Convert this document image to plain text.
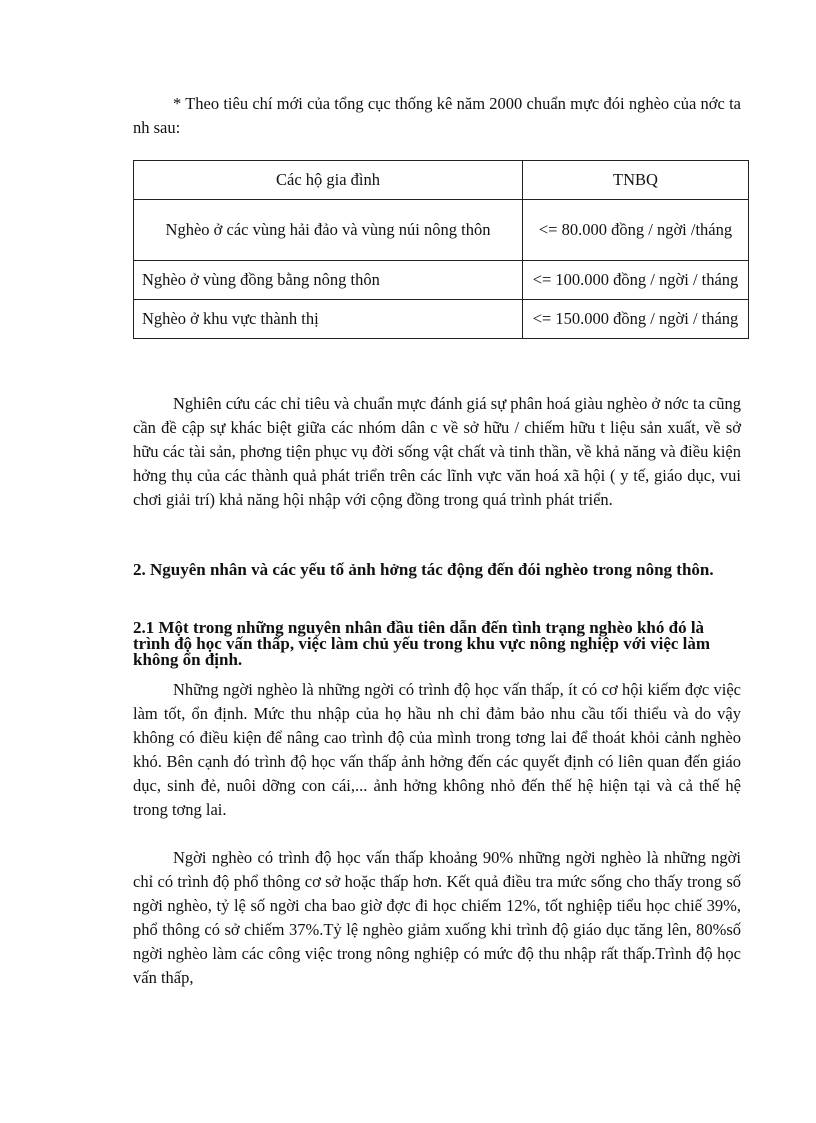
* Theo tiêu chí mới của tổng cục thống kê năm 2000 chuẩn mực đói nghèo của nớc ta nh sau:

Các hộ gia đình	TNBQ
Nghèo ở các vùng hải đảo và vùng núi nông thôn	<= 80.000 đồng / ngời /tháng
Nghèo ở vùng đồng bằng nông thôn	<= 100.000 đồng / ngời / tháng
Nghèo ở khu vực thành thị	<= 150.000 đồng / ngời / tháng

Nghiên cứu các chỉ tiêu và chuẩn mực đánh giá sự phân hoá giàu nghèo ở nớc ta cũng cần đề cập sự khác biệt giữa các nhóm dân c về sở hữu / chiếm hữu t liệu sản xuất, về sở hữu các tài sản, phơng tiện phục vụ đời sống vật chất và tinh thần, về khả năng và điều kiện hởng thụ của các thành quả phát triển trên các lĩnh vực văn hoá xã hội ( y tế, giáo dục, vui chơi giải trí) khả năng hội nhập với cộng đồng trong quá trình phát triển.

2. Nguyên nhân và các yếu tố ảnh hởng tác động đến đói nghèo trong nông thôn.
2.1 Một trong những nguyên nhân đầu tiên dẫn đến tình trạng nghèo khó đó là trình độ học vấn thấp, việc làm chủ yếu trong khu vực nông nghiệp với việc làm không ổn định.

Những ngời nghèo là những ngời có trình độ học vấn thấp, ít có cơ hội kiếm đợc việc làm tốt, ổn định. Mức thu nhập của họ hầu nh chỉ đảm bảo nhu cầu tối thiểu và do vậy không có điều kiện để nâng cao trình độ của mình trong tơng lai để thoát khỏi cảnh nghèo khó. Bên cạnh đó trình độ học vấn thấp ảnh hởng đến các quyết định có liên quan đến giáo dục, sinh đẻ, nuôi dỡng con cái,... ảnh hởng không nhỏ đến thế hệ hiện tại và cả thế hệ trong tơng lai.

Ngời nghèo có trình độ học vấn thấp khoảng 90% những ngời nghèo là những ngời chỉ có trình độ phổ thông cơ sở hoặc thấp hơn. Kết quả điều tra mức sống cho thấy trong số ngời nghèo, tỷ lệ số ngời cha bao giờ đợc đi học chiếm 12%, tốt nghiệp tiểu học chiế 39%, phổ thông có sở chiếm 37%.Tỷ lệ nghèo giảm xuống khi trình độ giáo dục tăng lên, 80%số ngời nghèo làm các công việc trong nông nghiệp có mức độ thu nhập rất thấp.Trình độ học vấn thấp,
